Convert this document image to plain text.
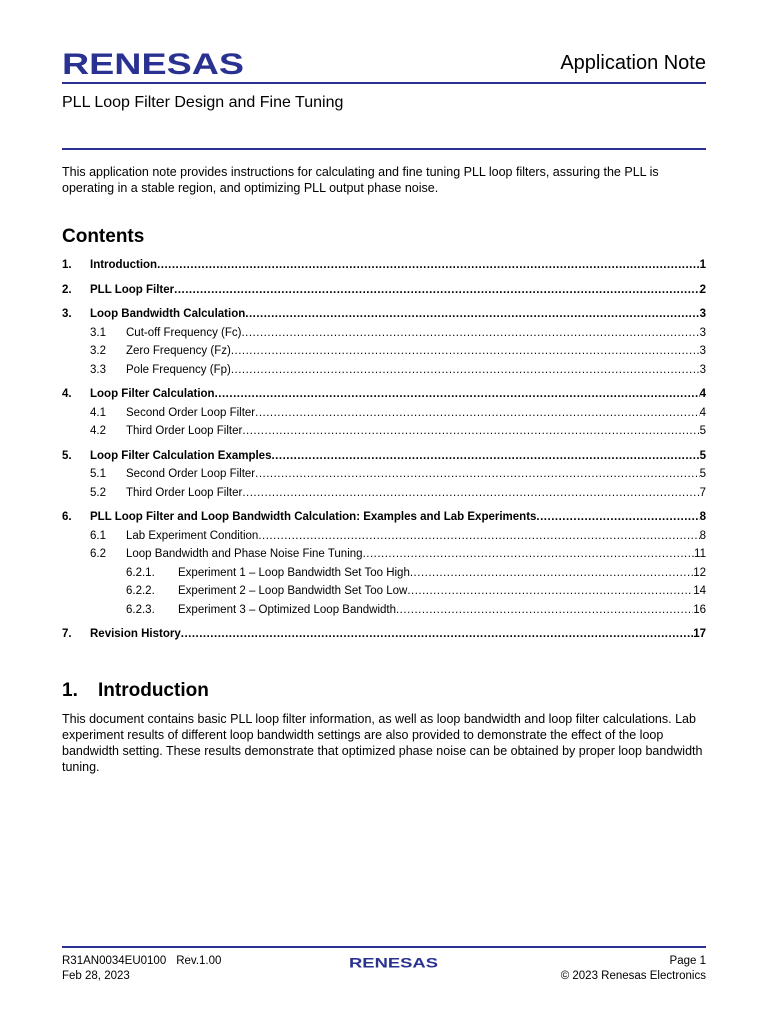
RENESAS	Application Note
PLL Loop Filter Design and Fine Tuning

This application note provides instructions for calculating and fine tuning PLL loop filters, assuring the PLL is operating in a stable region, and optimizing PLL output phase noise.

Contents
1.	Introduction .....	1
2.	PLL Loop Filter .....	2
3.	Loop Bandwidth Calculation .....	3
3.1	Cut-off Frequency (Fc) .....	3
3.2	Zero Frequency (Fz) .....	3
3.3	Pole Frequency (Fp) .....	3
4.	Loop Filter Calculation .....	4
4.1	Second Order Loop Filter .....	4
4.2	Third Order Loop Filter .....	5
5.	Loop Filter Calculation Examples .....	5
5.1	Second Order Loop Filter .....	5
5.2	Third Order Loop Filter .....	7
6.	PLL Loop Filter and Loop Bandwidth Calculation: Examples and Lab Experiments .....	8
6.1	Lab Experiment Condition .....	8
6.2	Loop Bandwidth and Phase Noise Fine Tuning .....	11
6.2.1.	Experiment 1 – Loop Bandwidth Set Too High .....	12
6.2.2.	Experiment 2 – Loop Bandwidth Set Too Low .....	14
6.2.3.	Experiment 3 – Optimized Loop Bandwidth .....	16
7.	Revision History .....	17
1. Introduction

This document contains basic PLL loop filter information, as well as loop bandwidth and loop filter calculations. Lab experiment results of different loop bandwidth settings are also provided to demonstrate the effect of the loop bandwidth setting. These results demonstrate that optimized phase noise can be obtained by proper loop bandwidth tuning.

R31AN0034EU0100 Rev.1.00
Feb 28, 2023
RENESAS	Page 1
© 2023 Renesas Electronics
